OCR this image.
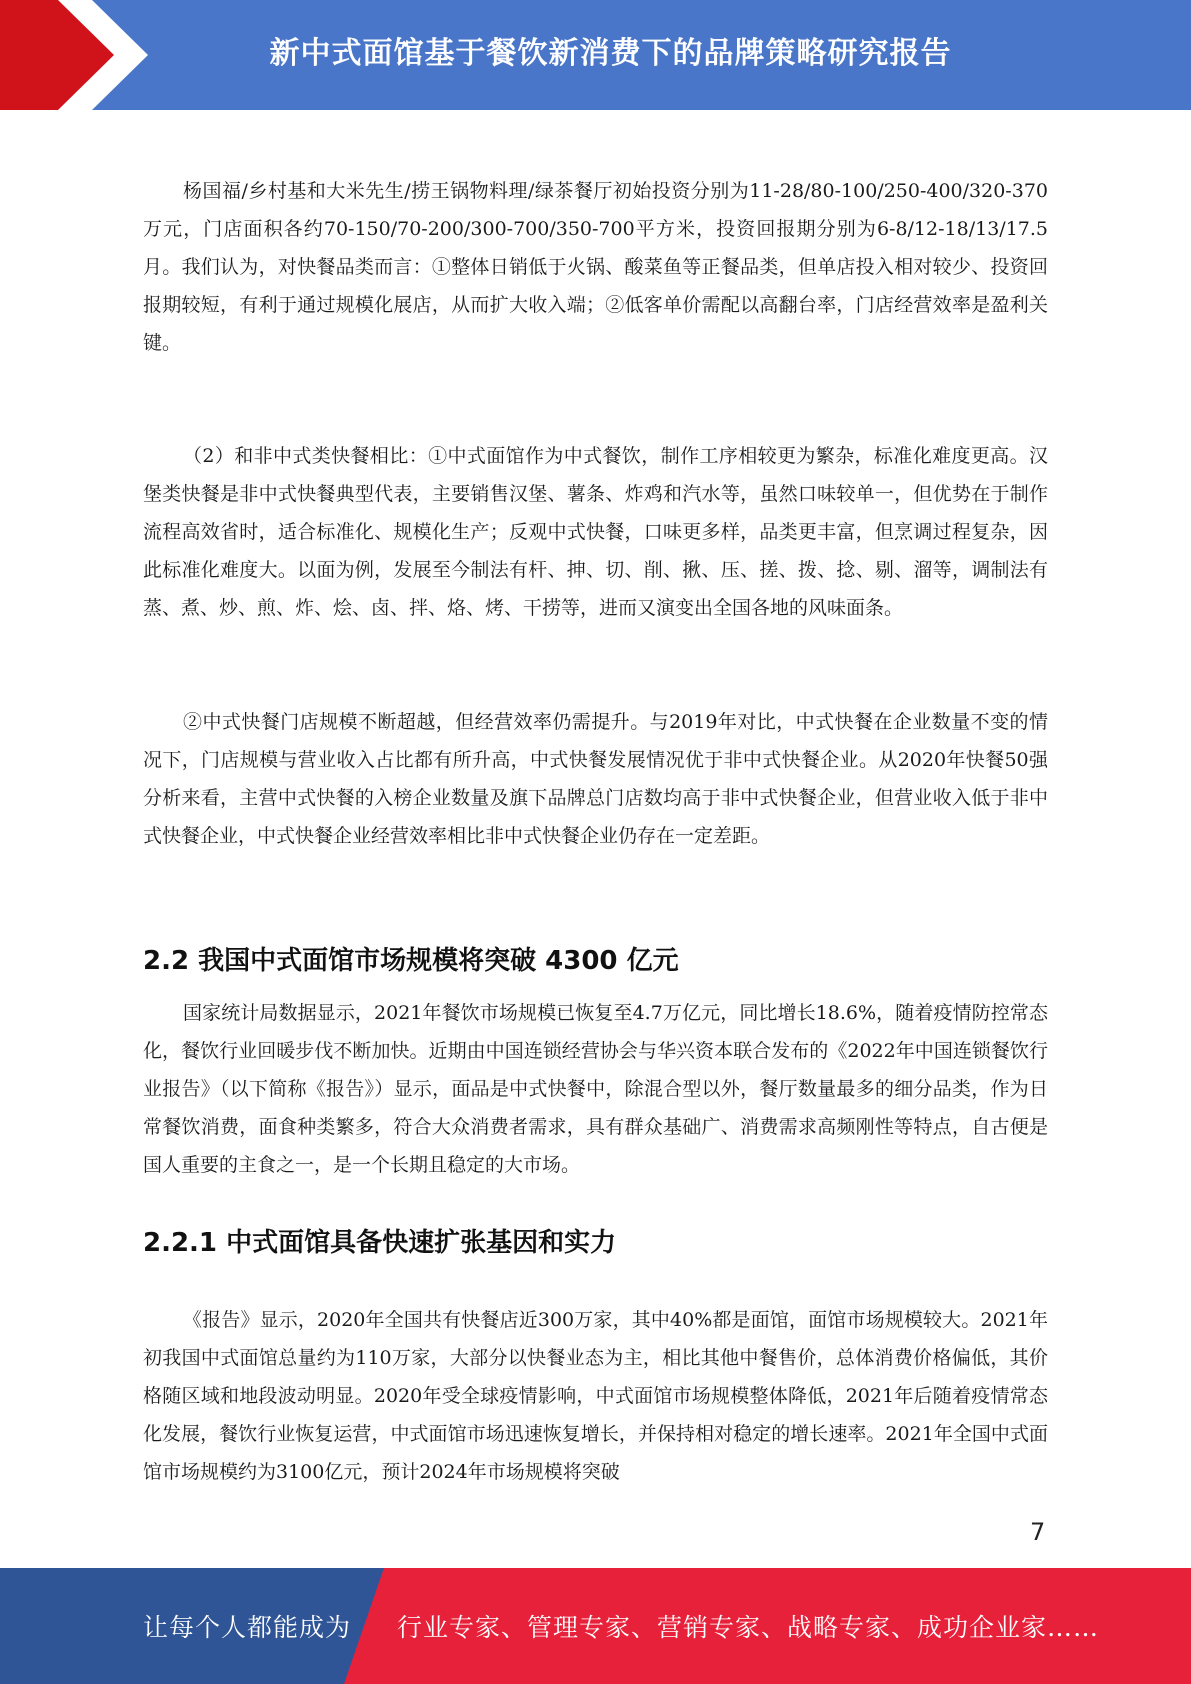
新中式面馆基于餐饮新消费下的品牌策略研究报告

杨国福/乡村基和大米先生/捞王锅物料理/绿茶餐厅初始投资分别为11-28/80-100/250-400/320-370万元，门店面积各约70-150/70-200/300-700/350-700平方米，投资回报期分别为6-8/12-18/13/17.5月。我们认为，对快餐品类而言：①整体日销低于火锅、酸菜鱼等正餐品类，但单店投入相对较少、投资回报期较短，有利于通过规模化展店，从而扩大收入端；②低客单价需配以高翻台率，门店经营效率是盈利关键。

（2）和非中式类快餐相比：①中式面馆作为中式餐饮，制作工序相较更为繁杂，标准化难度更高。汉堡类快餐是非中式快餐典型代表，主要销售汉堡、薯条、炸鸡和汽水等，虽然口味较单一，但优势在于制作流程高效省时，适合标准化、规模化生产；反观中式快餐，口味更多样，品类更丰富，但烹调过程复杂，因此标准化难度大。以面为例，发展至今制法有杆、抻、切、削、揪、压、搓、拨、捻、剔、溜等，调制法有蒸、煮、炒、煎、炸、烩、卤、拌、烙、烤、干捞等，进而又演变出全国各地的风味面条。

②中式快餐门店规模不断超越，但经营效率仍需提升。与2019年对比，中式快餐在企业数量不变的情况下，门店规模与营业收入占比都有所升高，中式快餐发展情况优于非中式快餐企业。从2020年快餐50强分析来看，主营中式快餐的入榜企业数量及旗下品牌总门店数均高于非中式快餐企业，但营业收入低于非中式快餐企业，中式快餐企业经营效率相比非中式快餐企业仍存在一定差距。

2.2 我国中式面馆市场规模将突破 4300 亿元

国家统计局数据显示，2021年餐饮市场规模已恢复至4.7万亿元，同比增长18.6%，随着疫情防控常态化，餐饮行业回暖步伐不断加快。近期由中国连锁经营协会与华兴资本联合发布的《2022年中国连锁餐饮行业报告》（以下简称《报告》）显示，面品是中式快餐中，除混合型以外，餐厅数量最多的细分品类，作为日常餐饮消费，面食种类繁多，符合大众消费者需求，具有群众基础广、消费需求高频刚性等特点，自古便是国人重要的主食之一，是一个长期且稳定的大市场。

2.2.1 中式面馆具备快速扩张基因和实力

《报告》显示，2020年全国共有快餐店近300万家，其中40%都是面馆，面馆市场规模较大。2021年初我国中式面馆总量约为110万家，大部分以快餐业态为主，相比其他中餐售价，总体消费价格偏低，其价格随区域和地段波动明显。2020年受全球疫情影响，中式面馆市场规模整体降低，2021年后随着疫情常态化发展，餐饮行业恢复运营，中式面馆市场迅速恢复增长，并保持相对稳定的增长速率。2021年全国中式面馆市场规模约为3100亿元，预计2024年市场规模将突破

7
让每个人都能成为 行业专家、管理专家、营销专家、战略专家、成功企业家……
